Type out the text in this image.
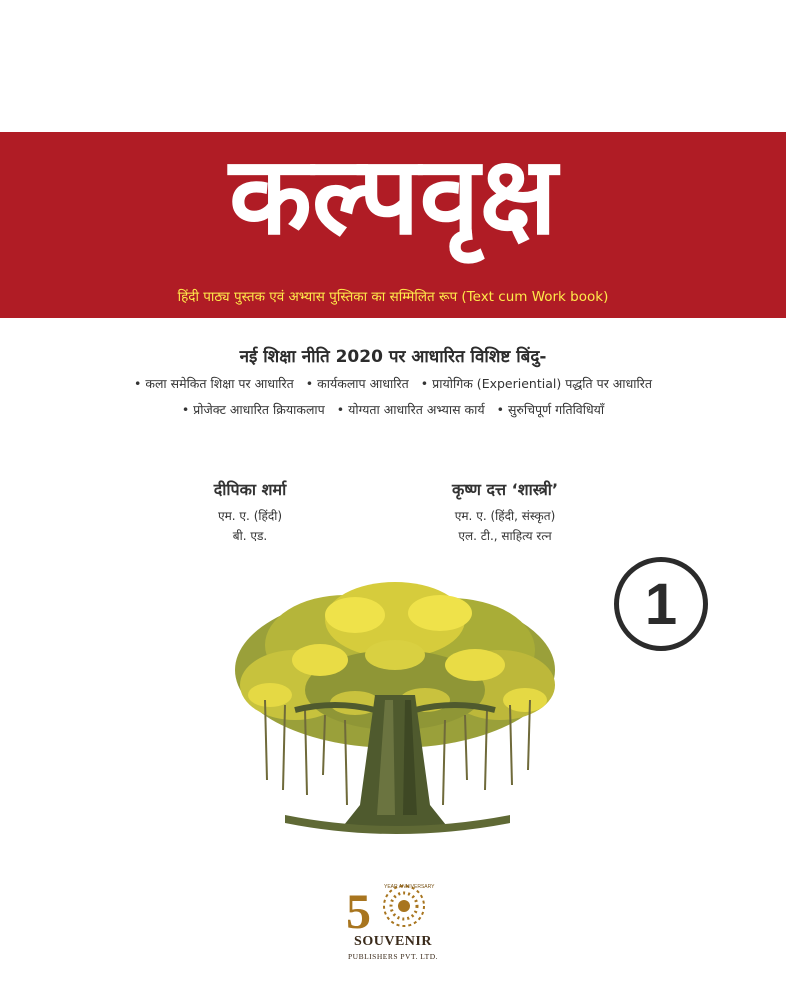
कल्पवृक्ष
हिंदी पाठ्य पुस्तक एवं अभ्यास पुस्तिका का सम्मिलित रूप (Text cum Work book)
नई शिक्षा नीति 2020 पर आधारित विशिष्ट बिंदु-
• कला समेकित शिक्षा पर आधारित • कार्यकलाप आधारित • प्रायोगिक (Experiential) पद्धति पर आधारित
• प्रोजेक्ट आधारित क्रियाकलाप • योग्यता आधारित अभ्यास कार्य • सुरुचिपूर्ण गतिविधियाँ
दीपिका शर्मा
एम. ए. (हिंदी)
बी. एड.
कृष्ण दत्त ‘शास्त्री’
एम. ए. (हिंदी, संस्कृत)
एल. टी., साहित्य रत्न
1
5	YEAR ANNIVERSARY
SOUVENIR
PUBLISHERS PVT. LTD.
